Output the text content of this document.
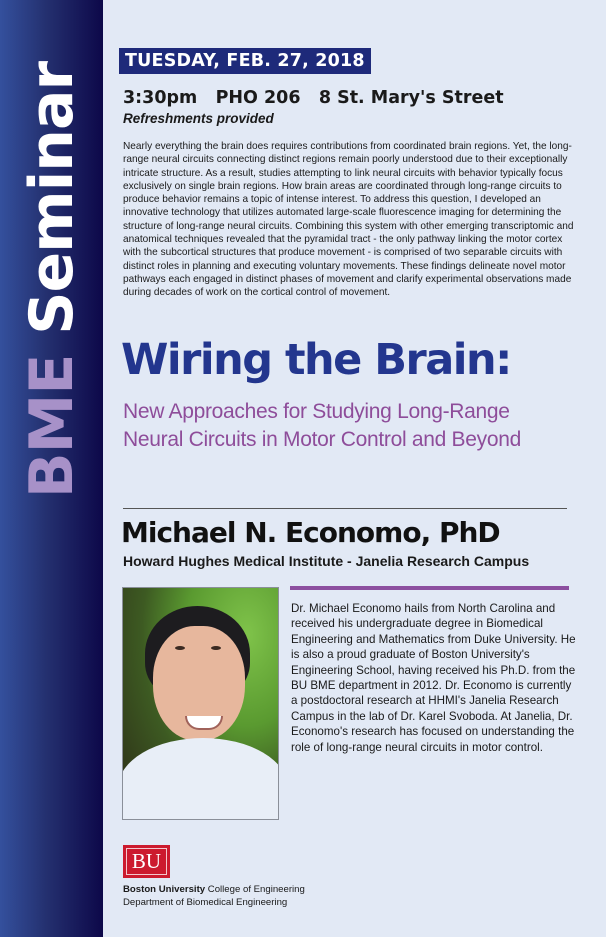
BME Seminar
TUESDAY, FEB. 27, 2018
3:30pm   PHO 206   8 St. Mary's Street
Refreshments provided
Nearly everything the brain does requires contributions from coordinated brain regions. Yet, the long-range neural circuits connecting distinct regions remain poorly understood due to their exceptionally intricate structure. As a result, studies attempting to link neural circuits with behavior typically focus exclusively on single brain regions. How brain areas are coordinated through long-range circuits to produce behavior remains a topic of intense interest. To address this question, I developed an innovative technology that utilizes automated large-scale fluorescence imaging for determining the structure of long-range neural circuits. Combining this system with other emerging transcriptomic and anatomical techniques revealed that the pyramidal tract - the only pathway linking the motor cortex with the subcortical structures that produce movement - is comprised of two separable circuits with distinct roles in planning and executing voluntary movements. These findings delineate novel motor pathways each engaged in distinct phases of movement and clarify experimental observations made during decades of work on the cortical control of movement.
Wiring the Brain:
New Approaches for Studying Long-Range Neural Circuits in Motor Control and Beyond
Michael N. Economo, PhD
Howard Hughes Medical Institute - Janelia Research Campus
Dr. Michael Economo hails from North Carolina and received his undergraduate degree in Biomedical Engineering and Mathematics from Duke University. He is also a proud graduate of Boston University's Engineering School, having received his Ph.D. from the BU BME department in 2012. Dr. Economo is currently a postdoctoral research at HHMI's Janelia Research Campus in the lab of Dr. Karel Svoboda. At Janelia, Dr. Economo's research has focused on understanding the role of long-range neural circuits in motor control.
BU
Boston University College of Engineering
Department of Biomedical Engineering
